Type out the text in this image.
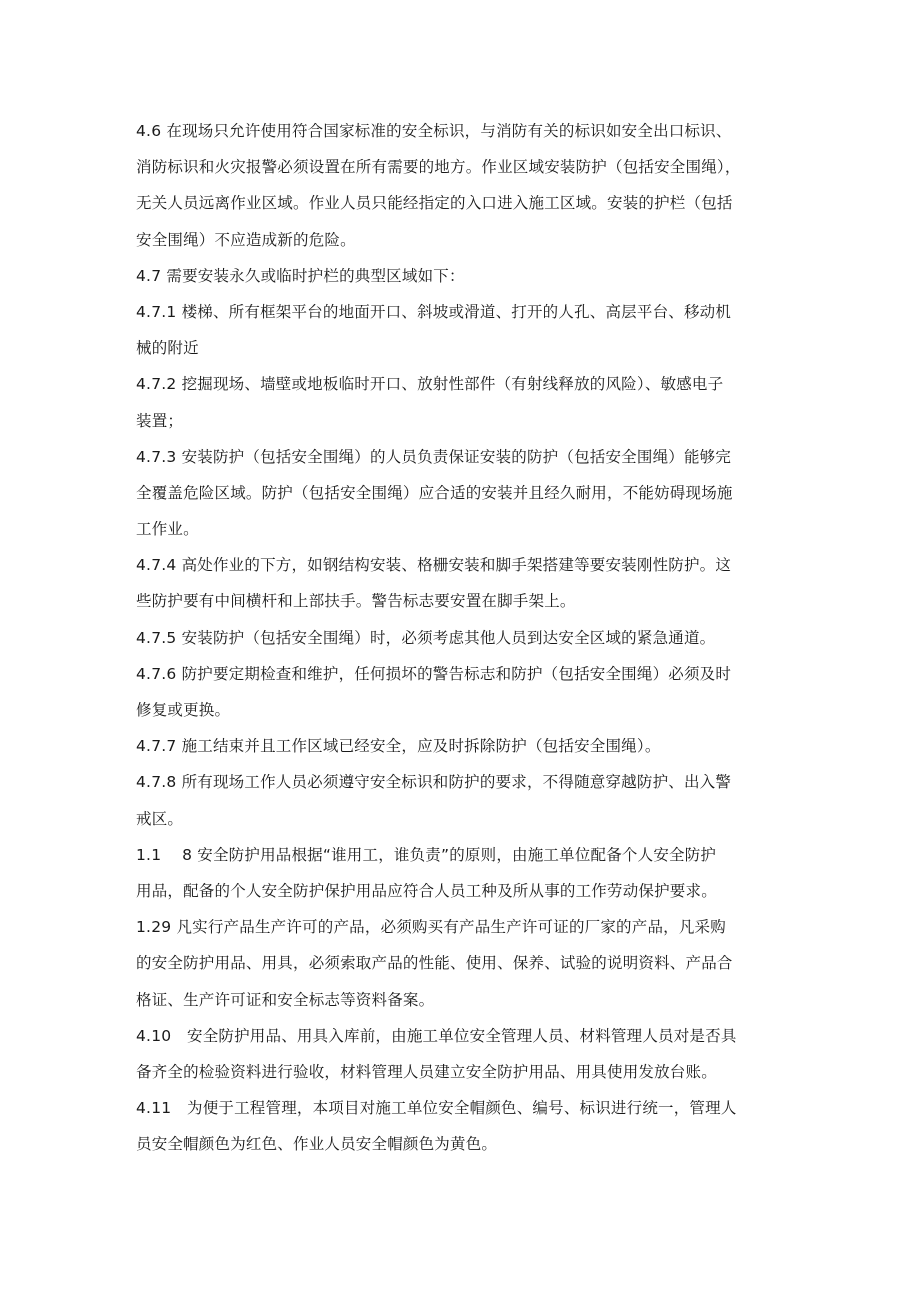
4.6 在现场只允许使用符合国家标准的安全标识，与消防有关的标识如安全出口标识、
消防标识和火灾报警必须设置在所有需要的地方。作业区域安装防护（包括安全围绳），
无关人员远离作业区域。作业人员只能经指定的入口进入施工区域。安装的护栏（包括
安全围绳）不应造成新的危险。
4.7 需要安装永久或临时护栏的典型区域如下：
4.7.1 楼梯、所有框架平台的地面开口、斜坡或滑道、打开的人孔、高层平台、移动机
械的附近
4.7.2 挖掘现场、墙壁或地板临时开口、放射性部件（有射线释放的风险）、敏感电子
装置；
4.7.3 安装防护（包括安全围绳）的人员负责保证安装的防护（包括安全围绳）能够完
全覆盖危险区域。防护（包括安全围绳）应合适的安装并且经久耐用，不能妨碍现场施
工作业。
4.7.4 高处作业的下方，如钢结构安装、格栅安装和脚手架搭建等要安装刚性防护。这
些防护要有中间横杆和上部扶手。警告标志要安置在脚手架上。
4.7.5 安装防护（包括安全围绳）时，必须考虑其他人员到达安全区域的紧急通道。
4.7.6 防护要定期检查和维护，任何损坏的警告标志和防护（包括安全围绳）必须及时
修复或更换。
4.7.7 施工结束并且工作区域已经安全，应及时拆除防护（包括安全围绳）。
4.7.8 所有现场工作人员必须遵守安全标识和防护的要求，不得随意穿越防护、出入警
戒区。
1.1　 8 安全防护用品根据“谁用工，谁负责”的原则，由施工单位配备个人安全防护
用品，配备的个人安全防护保护用品应符合人员工种及所从事的工作劳动保护要求。
1.29 凡实行产品生产许可的产品，必须购买有产品生产许可证的厂家的产品，凡采购
的安全防护用品、用具，必须索取产品的性能、使用、保养、试验的说明资料、产品合
格证、生产许可证和安全标志等资料备案。
4.10　安全防护用品、用具入库前，由施工单位安全管理人员、材料管理人员对是否具
备齐全的检验资料进行验收，材料管理人员建立安全防护用品、用具使用发放台账。
4.11　为便于工程管理，本项目对施工单位安全帽颜色、编号、标识进行统一，管理人
员安全帽颜色为红色、作业人员安全帽颜色为黄色。
